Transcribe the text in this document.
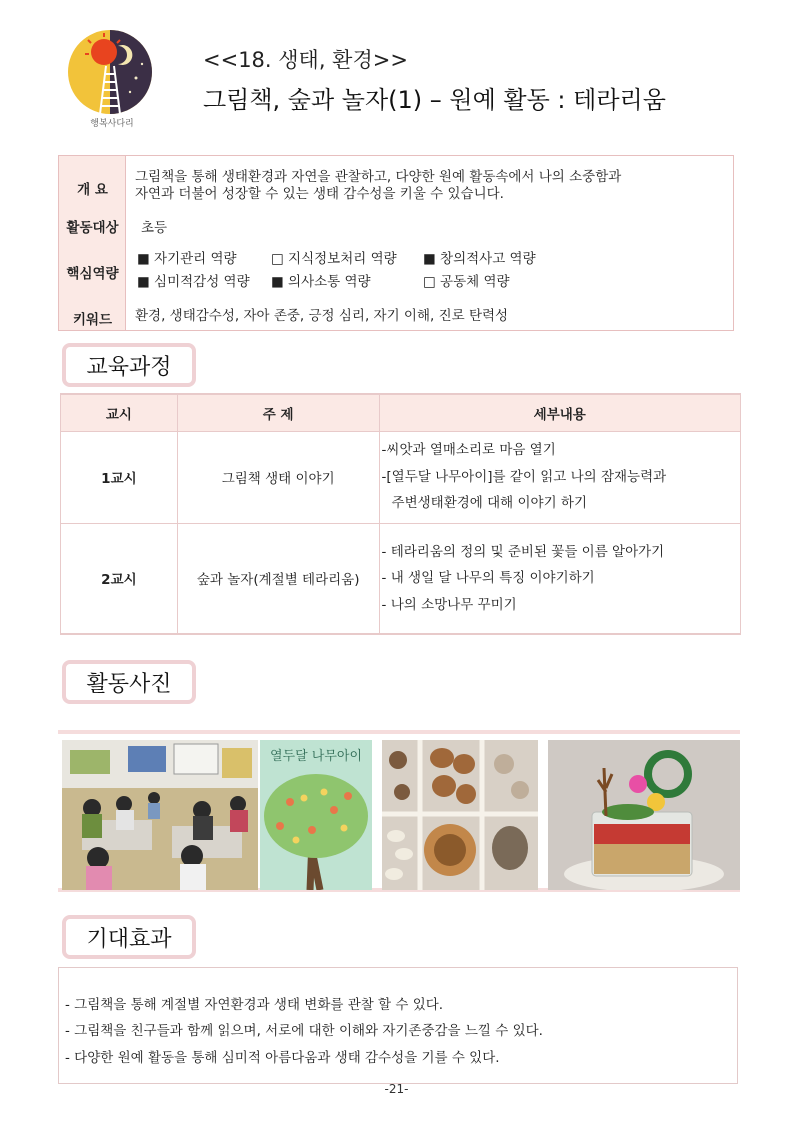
행복사다리
<<18. 생태, 환경>>
그림책, 숲과 놀자(1) – 원예 활동 : 테라리움
개 요
그림책을 통해 생태환경과 자연을 관찰하고, 다양한 원예 활동속에서 나의 소중함과
자연과 더불어 성장할 수 있는 생태 감수성을 키울 수 있습니다.
활동대상	초등
핵심역량
■ 자기관리 역량	□ 지식정보처리 역량 ■ 창의적사고 역량
■ 심미적감성 역량 ■ 의사소통 역량	□ 공동체 역량
키워드	환경, 생태감수성, 자아 존중, 긍정 심리, 자기 이해, 진로 탄력성
교육과정
교시	주 제	세부내용
1교시	그림책 생태 이야기	-씨앗과 열매소리로 마음 열기
-[열두달 나무아이]를 같이 읽고 나의 잠재능력과
주변생태환경에 대해 이야기 하기

2교시	숲과 놀자(계절별 테라리움)	- 테라리움의 정의 및 준비된 꽃들 이름 알아가기
- 내 생일 달 나무의 특징 이야기하기
- 나의 소망나무 꾸미기
활동사진
열두달 나무아이
기대효과
- 그림책을 통해 계절별 자연환경과 생태 변화를 관찰 할 수 있다.
- 그림책을 친구들과 함께 읽으며, 서로에 대한 이해와 자기존중감을 느낄 수 있다.
- 다양한 원예 활동을 통해 심미적 아름다움과 생태 감수성을 기를 수 있다.
-21-
